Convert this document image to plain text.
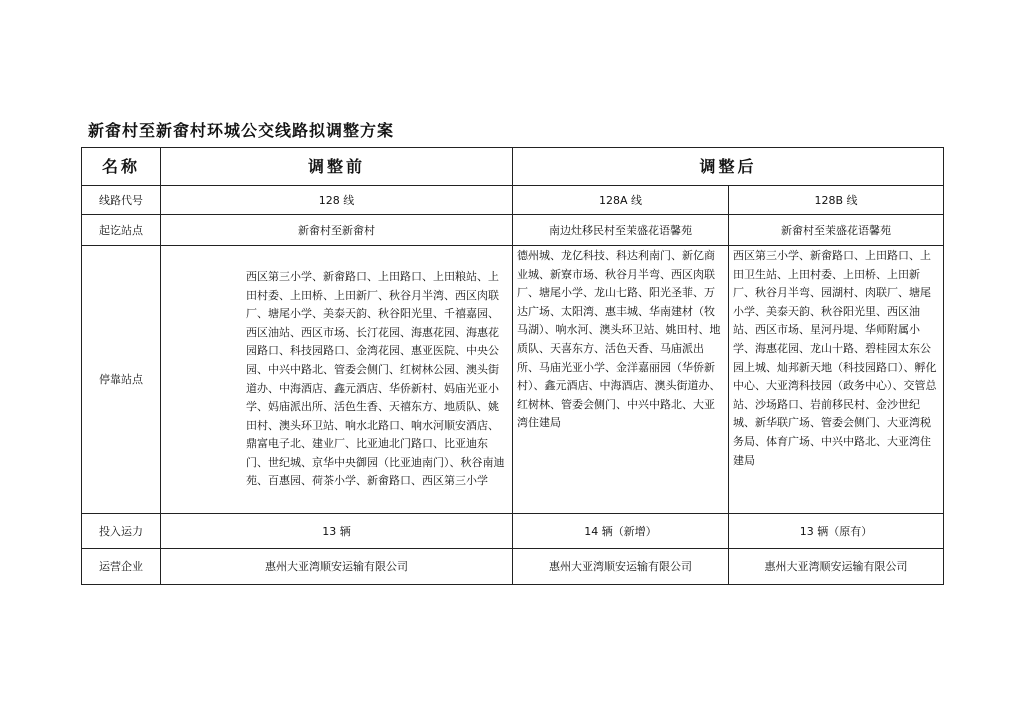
新畲村至新畲村环城公交线路拟调整方案
名称	调整前	调整后	
线路代号	128 线	128A 线	128B 线
起讫站点	新畲村至新畲村	南边灶移民村至茉盛花语馨苑	新畲村至茉盛花语馨苑
停靠站点	西区第三小学、新畲路口、上田路口、上田粮站、上田村委、上田桥、上田新厂、秋谷月半湾、西区肉联厂、塘尾小学、美泰天韵、秋谷阳光里、千禧嘉园、西区油站、西区市场、长汀花园、海惠花园、海惠花园路口、科技园路口、金湾花园、惠亚医院、中央公园、中兴中路北、管委会侧门、红树林公园、澳头街道办、中海酒店、鑫元酒店、华侨新村、妈庙光亚小学、妈庙派出所、活色生香、天禧东方、地质队、姚田村、澳头环卫站、响水北路口、响水河顺安酒店、鼎富电子北、建业厂、比亚迪北门路口、比亚迪东门、世纪城、京华中央御园（比亚迪南门）、秋谷南迪苑、百惠园、荷茶小学、新畲路口、西区第三小学	德州城、龙亿科技、科达利南门、新亿商业城、新寮市场、秋谷月半弯、西区肉联厂、塘尾小学、龙山七路、阳光圣菲、万达广场、太阳湾、惠丰城、华南建材（牧马湖）、响水河、澳头环卫站、姚田村、地质队、天喜东方、活色天香、马庙派出所、马庙光亚小学、金洋嘉丽园（华侨新村）、鑫元酒店、中海酒店、澳头街道办、红树林、管委会侧门、中兴中路北、大亚湾住建局	西区第三小学、新畲路口、上田路口、上田卫生站、上田村委、上田桥、上田新厂、秋谷月半弯、园湖村、肉联厂、塘尾小学、美泰天韵、秋谷阳光里、西区油站、西区市场、星河丹堤、华师附属小学、海惠花园、龙山十路、碧桂园太东公园上城、灿邦新天地（科技园路口）、孵化中心、大亚湾科技园（政务中心）、交管总站、沙场路口、岩前移民村、金沙世纪城、新华联广场、管委会侧门、大亚湾税务局、体育广场、中兴中路北、大亚湾住建局
投入运力	13 辆	14 辆（新增）	13 辆（原有）
运营企业	惠州大亚湾顺安运输有限公司	惠州大亚湾顺安运输有限公司	惠州大亚湾顺安运输有限公司
